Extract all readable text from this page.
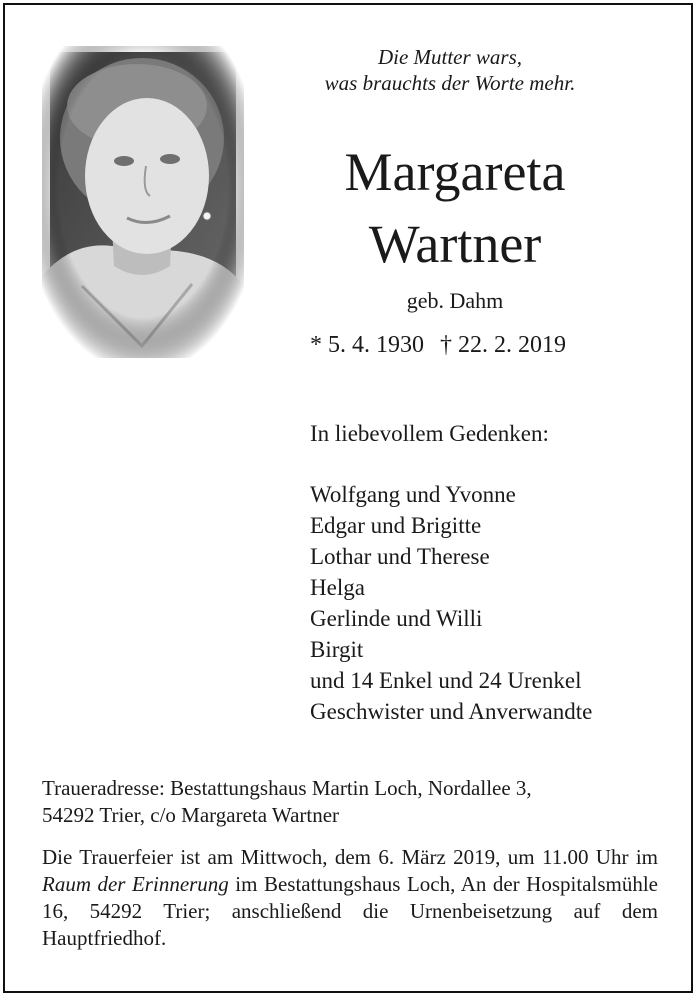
Die Mutter wars,
was brauchts der Worte mehr.
Margareta
Wartner
geb. Dahm
* 5. 4. 1930 † 22. 2. 2019
In liebevollem Gedenken:
Wolfgang und Yvonne
Edgar und Brigitte
Lothar und Therese
Helga
Gerlinde und Willi
Birgit
und 14 Enkel und 24 Urenkel
Geschwister und Anverwandte
Traueradresse: Bestattungshaus Martin Loch, Nordallee 3,
54292 Trier, c/o Margareta Wartner
Die Trauerfeier ist am Mittwoch, dem 6. März 2019, um 11.00 Uhr im Raum der Erinnerung im Bestattungshaus Loch, An der Hospitalsmühle 16, 54292 Trier; anschließend die Urnenbeisetzung auf dem Hauptfriedhof.
